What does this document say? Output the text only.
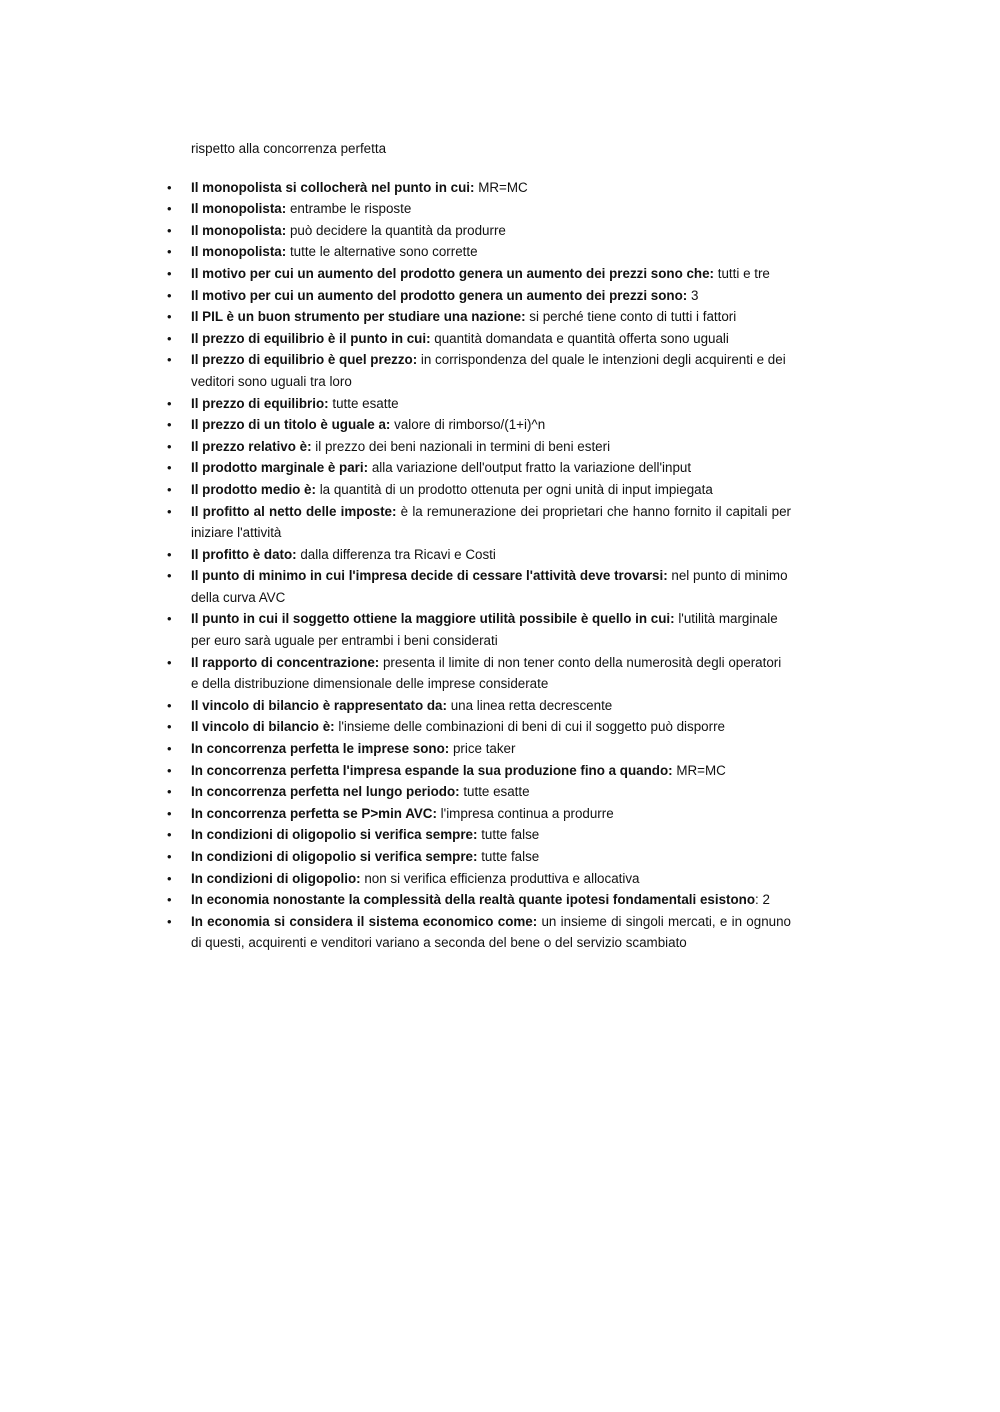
rispetto alla concorrenza perfetta

• Il monopolista si collocherà nel punto in cui: MR=MC
• Il monopolista: entrambe le risposte
• Il monopolista: può decidere la quantità da produrre
• Il monopolista: tutte le alternative sono corrette
• Il motivo per cui un aumento del prodotto genera un aumento dei prezzi sono che: tutti e tre
• Il motivo per cui un aumento del prodotto genera un aumento dei prezzi sono: 3
• Il PIL è un buon strumento per studiare una nazione: si perché tiene conto di tutti i fattori
• Il prezzo di equilibrio è il punto in cui: quantità domandata e quantità offerta sono uguali
• Il prezzo di equilibrio è quel prezzo: in corrispondenza del quale le intenzioni degli acquirenti e dei veditori sono uguali tra loro
• Il prezzo di equilibrio: tutte esatte
• Il prezzo di un titolo è uguale a: valore di rimborso/(1+i)^n
• Il prezzo relativo è: il prezzo dei beni nazionali in termini di beni esteri
• Il prodotto marginale è pari: alla variazione dell'output fratto la variazione dell'input
• Il prodotto medio è: la quantità di un prodotto ottenuta per ogni unità di input impiegata
• Il profitto al netto delle imposte: è la remunerazione dei proprietari che hanno fornito il capitali per iniziare l'attività
• Il profitto è dato: dalla differenza tra Ricavi e Costi
• Il punto di minimo in cui l'impresa decide di cessare l'attività deve trovarsi: nel punto di minimo della curva AVC
• Il punto in cui il soggetto ottiene la maggiore utilità possibile è quello in cui: l'utilità marginale per euro sarà uguale per entrambi i beni considerati
• Il rapporto di concentrazione: presenta il limite di non tener conto della numerosità degli operatori e della distribuzione dimensionale delle imprese considerate
• Il vincolo di bilancio è rappresentato da: una linea retta decrescente
• Il vincolo di bilancio è: l'insieme delle combinazioni di beni di cui il soggetto può disporre
• In concorrenza perfetta le imprese sono: price taker
• In concorrenza perfetta l'impresa espande la sua produzione fino a quando: MR=MC
• In concorrenza perfetta nel lungo periodo: tutte esatte
• In concorrenza perfetta se P>min AVC: l'impresa continua a produrre
• In condizioni di oligopolio si verifica sempre: tutte false
• In condizioni di oligopolio si verifica sempre: tutte false
• In condizioni di oligopolio: non si verifica efficienza produttiva e allocativa
• In economia nonostante la complessità della realtà quante ipotesi fondamentali esistono: 2
• In economia si considera il sistema economico come: un insieme di singoli mercati, e in ognuno di questi, acquirenti e venditori variano a seconda del bene o del servizio scambiato
